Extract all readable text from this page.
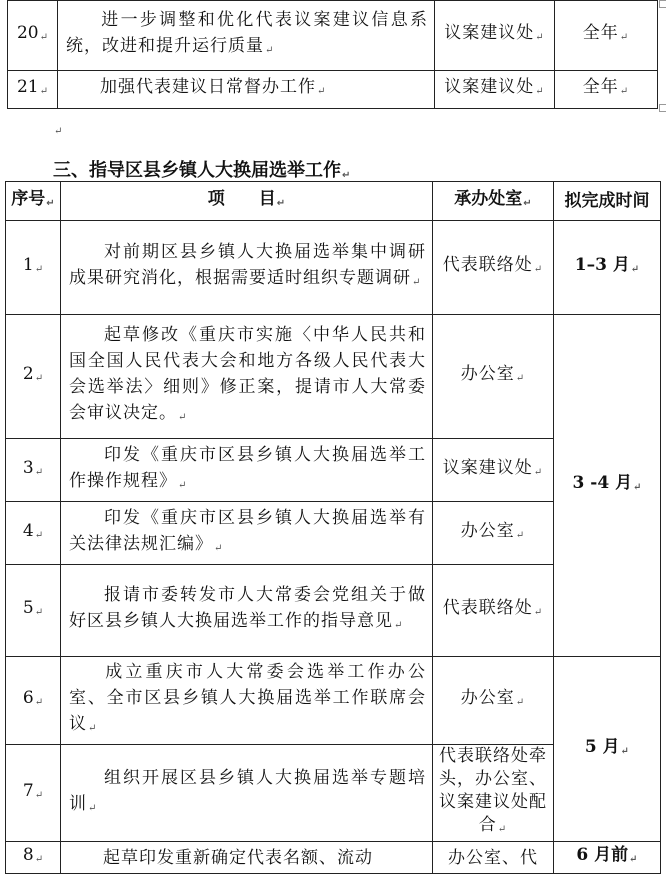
20↵	进一步调整和优化代表议案建议信息系统，改进和提升运行质量↵	议案建议处↵	全年↵
21↵	加强代表建议日常督办工作↵	议案建议处↵	全年↵
↵
三、指导区县乡镇人大换届选举工作↵
序号↵	项　　目↵	承办处室↵	拟完成时间
1↵	对前期区县乡镇人大换届选举集中调研成果研究消化，根据需要适时组织专题调研↵	代表联络处↵	1–3 月↵
2↵	起草修改《重庆市实施〈中华人民共和国全国人民代表大会和地方各级人民代表大会选举法〉细则》修正案，提请市人大常委会审议决定。↵	办公室↵	3 -4 月↵
3↵	印发《重庆市区县乡镇人大换届选举工作操作规程》↵	议案建议处↵	
4↵	印发《重庆市区县乡镇人大换届选举有关法律法规汇编》↵	办公室↵	
5↵	报请市委转发市人大常委会党组关于做好区县乡镇人大换届选举工作的指导意见↵	代表联络处↵	
6↵	成立重庆市人大常委会选举工作办公室、全市区县乡镇人大换届选举工作联席会议↵	办公室↵	5 月↵
7↵	组织开展区县乡镇人大换届选举专题培训↵	代表联络处牵头，办公室、议案建议处配合↵	
8↵	起草印发重新确定代表名额、流动	办公室、代	6 月前↵
